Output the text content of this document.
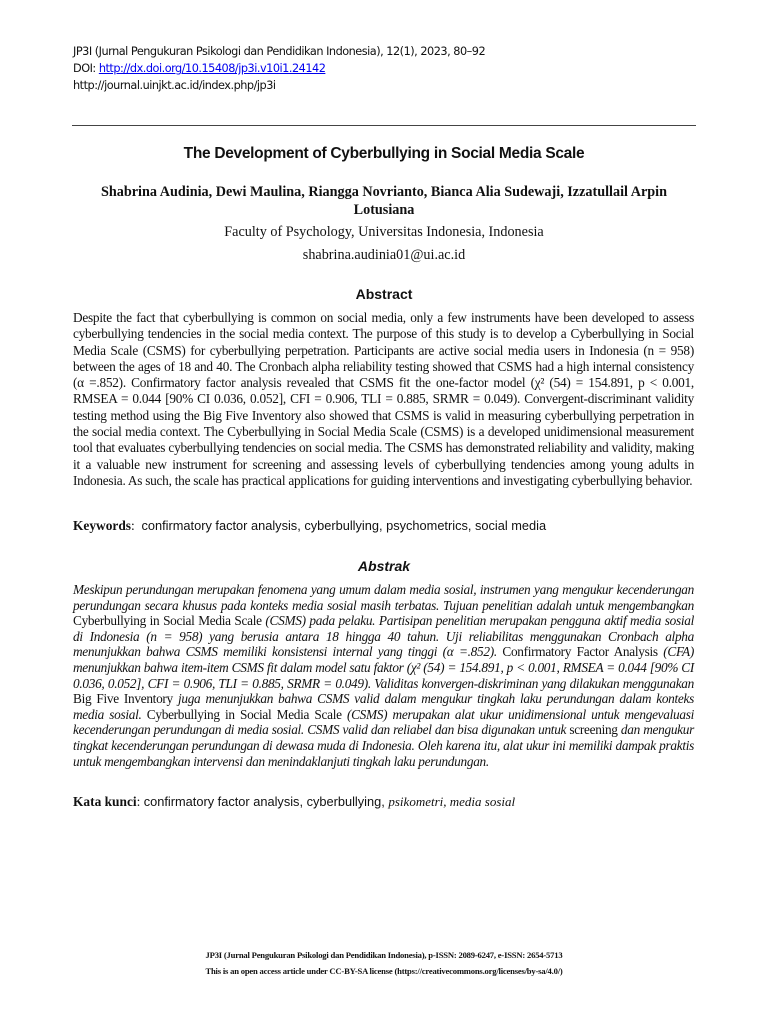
JP3I (Jurnal Pengukuran Psikologi dan Pendidikan Indonesia), 12(1), 2023, 80–92
DOI: http://dx.doi.org/10.15408/jp3i.v10i1.24142
http://journal.uinjkt.ac.id/index.php/jp3i
The Development of Cyberbullying in Social Media Scale
Shabrina Audinia, Dewi Maulina, Riangga Novrianto, Bianca Alia Sudewaji, Izzatullail Arpin Lotusiana
Faculty of Psychology, Universitas Indonesia, Indonesia
shabrina.audinia01@ui.ac.id
Abstract
Despite the fact that cyberbullying is common on social media, only a few instruments have been developed to assess cyberbullying tendencies in the social media context. The purpose of this study is to develop a Cyberbullying in Social Media Scale (CSMS) for cyberbullying perpetration. Participants are active social media users in Indonesia (n = 958) between the ages of 18 and 40. The Cronbach alpha reliability testing showed that CSMS had a high internal consistency (α =.852). Confirmatory factor analysis revealed that CSMS fit the one-factor model (χ² (54) = 154.891, p < 0.001, RMSEA = 0.044 [90% CI 0.036, 0.052], CFI = 0.906, TLI = 0.885, SRMR = 0.049). Convergent-discriminant validity testing method using the Big Five Inventory also showed that CSMS is valid in measuring cyberbullying perpetration in the social media context. The Cyberbullying in Social Media Scale (CSMS) is a developed unidimensional measurement tool that evaluates cyberbullying tendencies on social media. The CSMS has demonstrated reliability and validity, making it a valuable new instrument for screening and assessing levels of cyberbullying tendencies among young adults in Indonesia. As such, the scale has practical applications for guiding interventions and investigating cyberbullying behavior.
Keywords:  confirmatory factor analysis, cyberbullying, psychometrics, social media
Abstrak
Meskipun perundungan merupakan fenomena yang umum dalam media sosial, instrumen yang mengukur kecenderungan perundungan secara khusus pada konteks media sosial masih terbatas. Tujuan penelitian adalah untuk mengembangkan Cyberbullying in Social Media Scale (CSMS) pada pelaku. Partisipan penelitian merupakan pengguna aktif media sosial di Indonesia (n = 958) yang berusia antara 18 hingga 40 tahun. Uji reliabilitas menggunakan Cronbach alpha menunjukkan bahwa CSMS memiliki konsistensi internal yang tinggi (α =.852). Confirmatory Factor Analysis (CFA) menunjukkan bahwa item-item CSMS fit dalam model satu faktor (χ² (54) = 154.891, p < 0.001, RMSEA = 0.044 [90% CI 0.036, 0.052], CFI = 0.906, TLI = 0.885, SRMR = 0.049). Validitas konvergen-diskriminan yang dilakukan menggunakan Big Five Inventory juga menunjukkan bahwa CSMS valid dalam mengukur tingkah laku perundungan dalam konteks media sosial. Cyberbullying in Social Media Scale (CSMS) merupakan alat ukur unidimensional untuk mengevaluasi kecenderungan perundungan di media sosial. CSMS valid dan reliabel dan bisa digunakan untuk screening dan mengukur tingkat kecenderungan perundungan di dewasa muda di Indonesia. Oleh karena itu, alat ukur ini memiliki dampak praktis untuk mengembangkan intervensi dan menindaklanjuti tingkah laku perundungan.
Kata kunci: confirmatory factor analysis, cyberbullying, psikometri, media sosial
JP3I (Jurnal Pengukuran Psikologi dan Pendidikan Indonesia), p-ISSN: 2089-6247, e-ISSN: 2654-5713
This is an open access article under CC-BY-SA license (https://creativecommons.org/licenses/by-sa/4.0/)
